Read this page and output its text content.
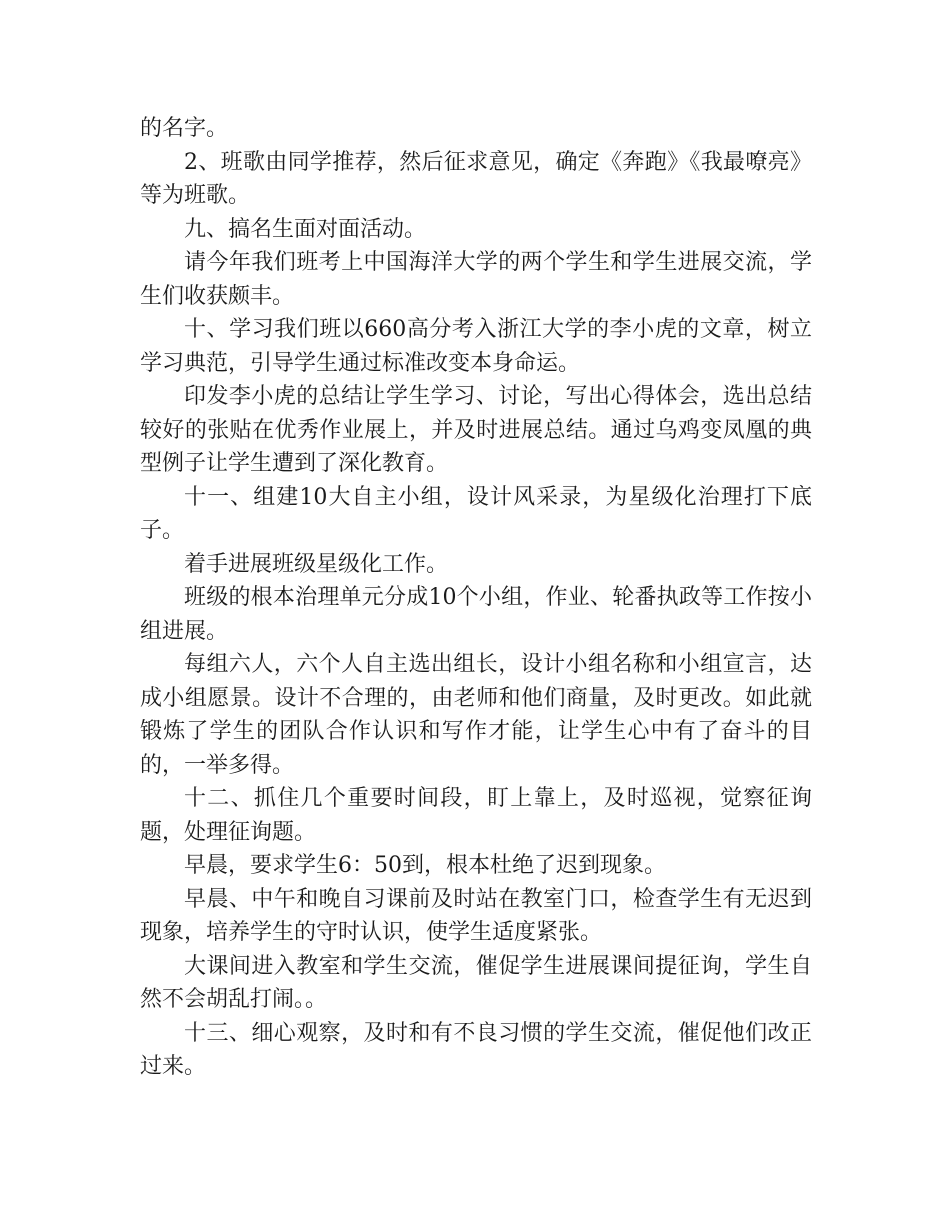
的名字。

2、班歌由同学推荐，然后征求意见，确定《奔跑》《我最嘹亮》等为班歌。

九、搞名生面对面活动。

请今年我们班考上中国海洋大学的两个学生和学生进展交流，学生们收获颇丰。

十、学习我们班以660高分考入浙江大学的李小虎的文章，树立学习典范，引导学生通过标准改变本身命运。

印发李小虎的总结让学生学习、讨论，写出心得体会，选出总结较好的张贴在优秀作业展上，并及时进展总结。通过乌鸡变凤凰的典型例子让学生遭到了深化教育。

十一、组建10大自主小组，设计风采录，为星级化治理打下底子。

着手进展班级星级化工作。

班级的根本治理单元分成10个小组，作业、轮番执政等工作按小组进展。

每组六人，六个人自主选出组长，设计小组名称和小组宣言，达成小组愿景。设计不合理的，由老师和他们商量，及时更改。如此就锻炼了学生的团队合作认识和写作才能，让学生心中有了奋斗的目的，一举多得。

十二、抓住几个重要时间段，盯上靠上，及时巡视，觉察征询题，处理征询题。

早晨，要求学生6：50到，根本杜绝了迟到现象。

早晨、中午和晚自习课前及时站在教室门口，检查学生有无迟到现象，培养学生的守时认识，使学生适度紧张。

大课间进入教室和学生交流，催促学生进展课间提征询，学生自然不会胡乱打闹。。

十三、细心观察，及时和有不良习惯的学生交流，催促他们改正过来。
